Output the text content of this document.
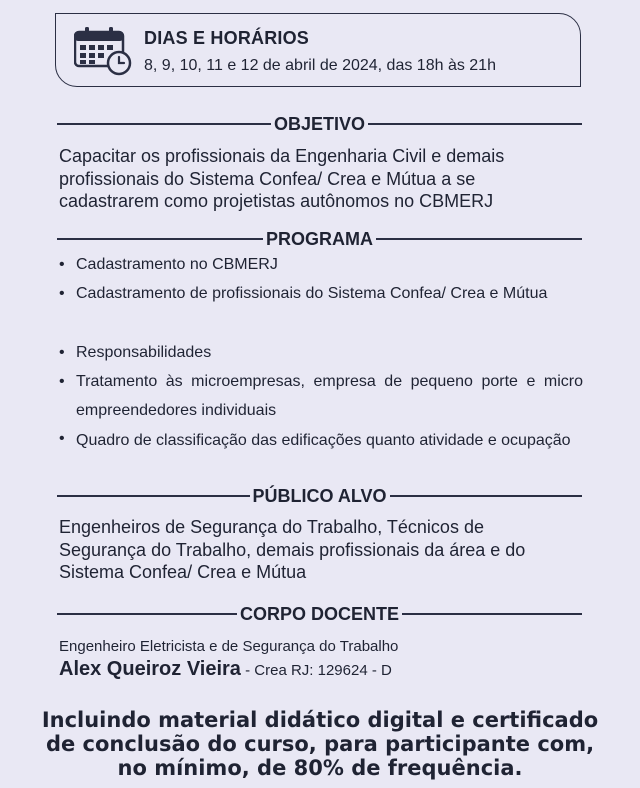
DIAS E HORÁRIOS
8, 9, 10, 11 e 12 de abril de 2024, das 18h às 21h
OBJETIVO
Capacitar os profissionais da Engenharia Civil e demais
profissionais do Sistema Confea/ Crea e Mútua a se
cadastrarem como projetistas autônomos no CBMERJ
PROGRAMA
• Cadastramento no CBMERJ
• Cadastramento de profissionais do Sistema Confea/ Crea e Mútua
• Responsabilidades
• Tratamento às microempresas, empresa de pequeno porte e micro empreendedores individuais
• Quadro de classificação das edificações quanto atividade e ocupação
PÚBLICO ALVO
Engenheiros de Segurança do Trabalho, Técnicos de
Segurança do Trabalho, demais profissionais da área e do
Sistema Confea/ Crea e Mútua
CORPO DOCENTE
Engenheiro Eletricista e de Segurança do Trabalho
Alex Queiroz Vieira - Crea RJ: 129624 - D
Incluindo material didático digital e certificado
de conclusão do curso, para participante com,
no mínimo, de 80% de frequência.
